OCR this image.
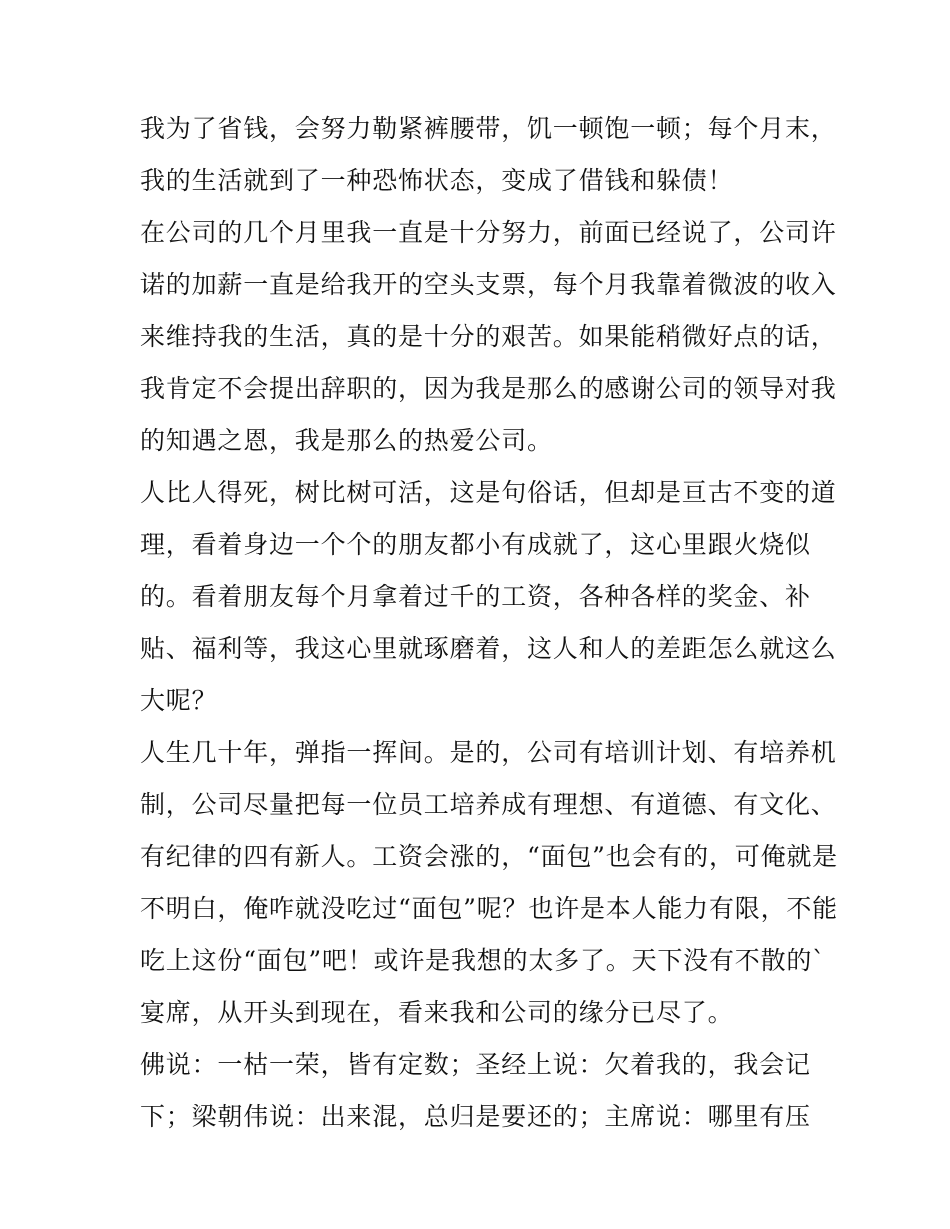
我为了省钱，会努力勒紧裤腰带，饥一顿饱一顿；每个月末，
我的生活就到了一种恐怖状态，变成了借钱和躲债！
在公司的几个月里我一直是十分努力，前面已经说了，公司许
诺的加薪一直是给我开的空头支票，每个月我靠着微波的收入
来维持我的生活，真的是十分的艰苦。如果能稍微好点的话，
我肯定不会提出辞职的，因为我是那么的感谢公司的领导对我
的知遇之恩，我是那么的热爱公司。
人比人得死，树比树可活，这是句俗话，但却是亘古不变的道
理，看着身边一个个的朋友都小有成就了，这心里跟火烧似
的。看着朋友每个月拿着过千的工资，各种各样的奖金、补
贴、福利等，我这心里就琢磨着，这人和人的差距怎么就这么
大呢？
人生几十年，弹指一挥间。是的，公司有培训计划、有培养机
制，公司尽量把每一位员工培养成有理想、有道德、有文化、
有纪律的四有新人。工资会涨的，“面包”也会有的，可俺就是
不明白，俺咋就没吃过“面包”呢？也许是本人能力有限，不能
吃上这份“面包”吧！或许是我想的太多了。天下没有不散的`
宴席，从开头到现在，看来我和公司的缘分已尽了。
佛说：一枯一荣，皆有定数；圣经上说：欠着我的，我会记
下；梁朝伟说：出来混，总归是要还的；主席说：哪里有压
